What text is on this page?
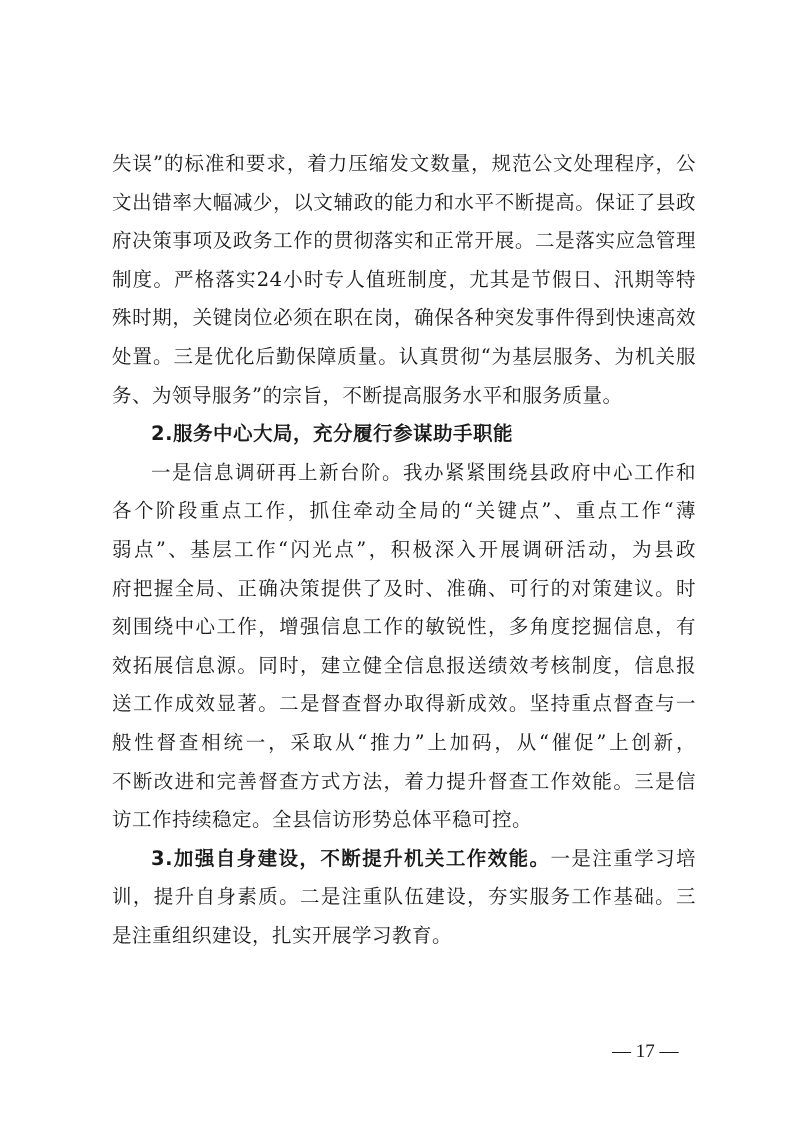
失误”的标准和要求，着力压缩发文数量，规范公文处理程序，公
文出错率大幅减少，以文辅政的能力和水平不断提高。保证了县政
府决策事项及政务工作的贯彻落实和正常开展。二是落实应急管理
制度。严格落实24小时专人值班制度，尤其是节假日、汛期等特
殊时期，关键岗位必须在职在岗，确保各种突发事件得到快速高效
处置。三是优化后勤保障质量。认真贯彻“为基层服务、为机关服
务、为领导服务”的宗旨，不断提高服务水平和服务质量。
2.服务中心大局，充分履行参谋助手职能
一是信息调研再上新台阶。我办紧紧围绕县政府中心工作和
各个阶段重点工作，抓住牵动全局的“关键点”、重点工作“薄
弱点”、基层工作“闪光点”，积极深入开展调研活动，为县政
府把握全局、正确决策提供了及时、准确、可行的对策建议。时
刻围绕中心工作，增强信息工作的敏锐性，多角度挖掘信息，有
效拓展信息源。同时，建立健全信息报送绩效考核制度，信息报
送工作成效显著。二是督查督办取得新成效。坚持重点督查与一
般性督查相统一，采取从“推力”上加码，从“催促”上创新，
不断改进和完善督查方式方法，着力提升督查工作效能。三是信
访工作持续稳定。全县信访形势总体平稳可控。
3.加强自身建设，不断提升机关工作效能。一是注重学习培
训，提升自身素质。二是注重队伍建设，夯实服务工作基础。三
是注重组织建设，扎实开展学习教育。
— 17 —
